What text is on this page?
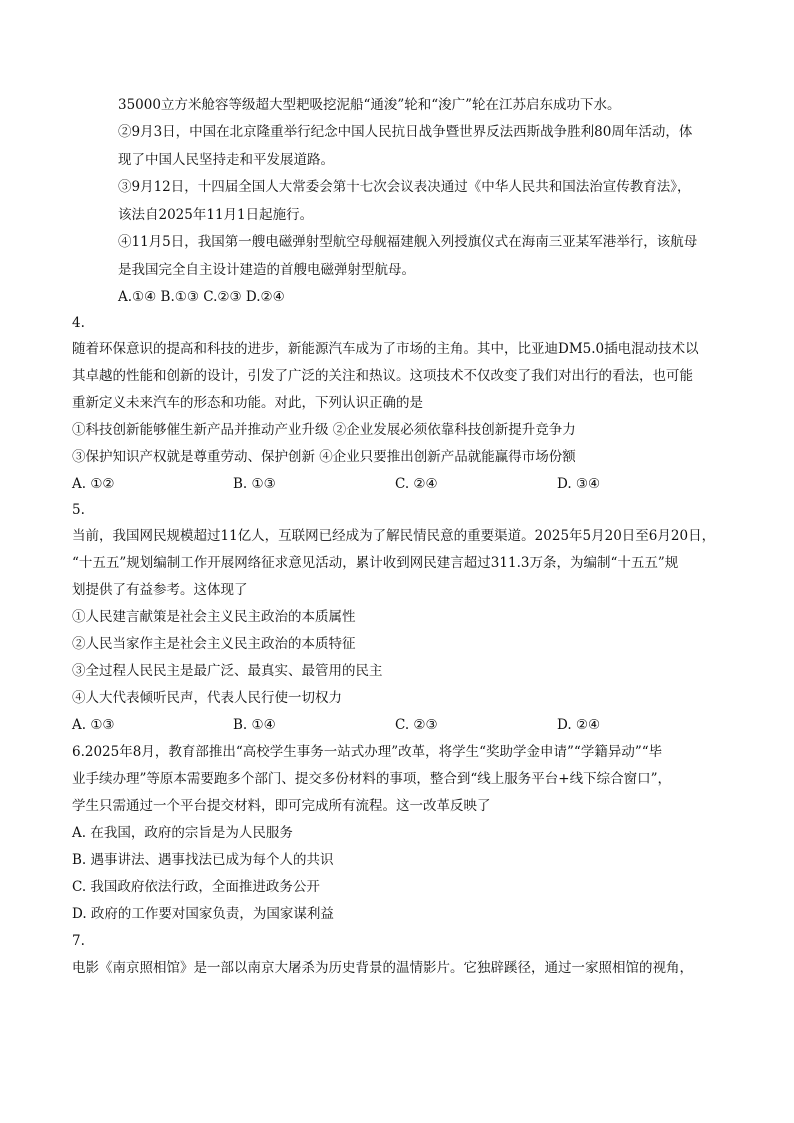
35000立方米舱容等级超大型耙吸挖泥船“通浚”轮和“浚广”轮在江苏启东成功下水。
②9月3日，中国在北京隆重举行纪念中国人民抗日战争暨世界反法西斯战争胜利80周年活动，体
现了中国人民坚持走和平发展道路。
③9月12日，十四届全国人大常委会第十七次会议表决通过《中华人民共和国法治宣传教育法》，
该法自2025年11月1日起施行。
④11月5日，我国第一艘电磁弹射型航空母舰福建舰入列授旗仪式在海南三亚某军港举行，该航母
是我国完全自主设计建造的首艘电磁弹射型航母。
A.①④ B.①③ C.②③ D.②④
4.
随着环保意识的提高和科技的进步，新能源汽车成为了市场的主角。其中，比亚迪DM5.0插电混动技术以
其卓越的性能和创新的设计，引发了广泛的关注和热议。这项技术不仅改变了我们对出行的看法，也可能
重新定义未来汽车的形态和功能。对此，下列认识正确的是
①科技创新能够催生新产品并推动产业升级 ②企业发展必须依靠科技创新提升竞争力
③保护知识产权就是尊重劳动、保护创新 ④企业只要推出创新产品就能赢得市场份额
A. ①②	B. ①③	C. ②④	D. ③④
5.
当前，我国网民规模超过11亿人，互联网已经成为了解民情民意的重要渠道。2025年5月20日至6月20日，
“十五五”规划编制工作开展网络征求意见活动，累计收到网民建言超过311.3万条，为编制“十五五”规
划提供了有益参考。这体现了
①人民建言献策是社会主义民主政治的本质属性
②人民当家作主是社会主义民主政治的本质特征
③全过程人民民主是最广泛、最真实、最管用的民主
④人大代表倾听民声，代表人民行使一切权力
A. ①③	B. ①④	C. ②③	D. ②④
6.2025年8月，教育部推出“高校学生事务一站式办理”改革，将学生“奖助学金申请”“学籍异动”“毕
业手续办理”等原本需要跑多个部门、提交多份材料的事项，整合到“线上服务平台+线下综合窗口”，
学生只需通过一个平台提交材料，即可完成所有流程。这一改革反映了
A. 在我国，政府的宗旨是为人民服务
B. 遇事讲法、遇事找法已成为每个人的共识
C. 我国政府依法行政，全面推进政务公开
D. 政府的工作要对国家负责，为国家谋利益
7.
电影《南京照相馆》是一部以南京大屠杀为历史背景的温情影片。它独辟蹊径，通过一家照相馆的视角，
